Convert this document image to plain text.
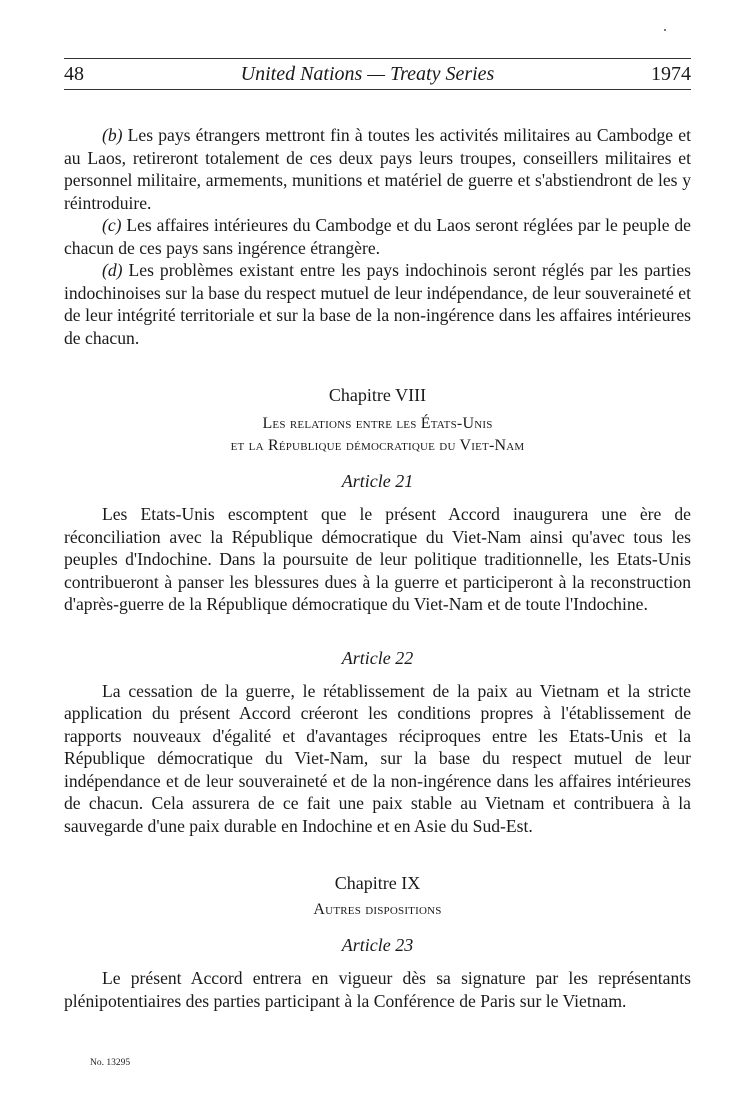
48	United Nations — Treaty Series	1974

(b) Les pays étrangers mettront fin à toutes les activités militaires au Cambodge et au Laos, retireront totalement de ces deux pays leurs troupes, conseillers militaires et personnel militaire, armements, munitions et matériel de guerre et s'abstiendront de les y réintroduire.

(c) Les affaires intérieures du Cambodge et du Laos seront réglées par le peuple de chacun de ces pays sans ingérence étrangère.

(d) Les problèmes existant entre les pays indochinois seront réglés par les parties indochinoises sur la base du respect mutuel de leur indépendance, de leur souveraineté et de leur intégrité territoriale et sur la base de la non-ingérence dans les affaires intérieures de chacun.

Chapitre VIII

Les relations entre les États-Unis

et la République démocratique du Viet-Nam

Article 21

Les Etats-Unis escomptent que le présent Accord inaugurera une ère de réconciliation avec la République démocratique du Viet-Nam ainsi qu'avec tous les peuples d'Indochine. Dans la poursuite de leur politique traditionnelle, les Etats-Unis contribueront à panser les blessures dues à la guerre et participeront à la reconstruction d'après-guerre de la République démocratique du Viet-Nam et de toute l'Indochine.

Article 22

La cessation de la guerre, le rétablissement de la paix au Vietnam et la stricte application du présent Accord créeront les conditions propres à l'établissement de rapports nouveaux d'égalité et d'avantages réciproques entre les Etats-Unis et la République démocratique du Viet-Nam, sur la base du respect mutuel de leur indépendance et de leur souveraineté et de la non-ingérence dans les affaires intérieures de chacun. Cela assurera de ce fait une paix stable au Vietnam et contribuera à la sauvegarde d'une paix durable en Indochine et en Asie du Sud-Est.

Chapitre IX

Autres dispositions

Article 23

Le présent Accord entrera en vigueur dès sa signature par les représentants plénipotentiaires des parties participant à la Conférence de Paris sur le Vietnam.

No. 13295
